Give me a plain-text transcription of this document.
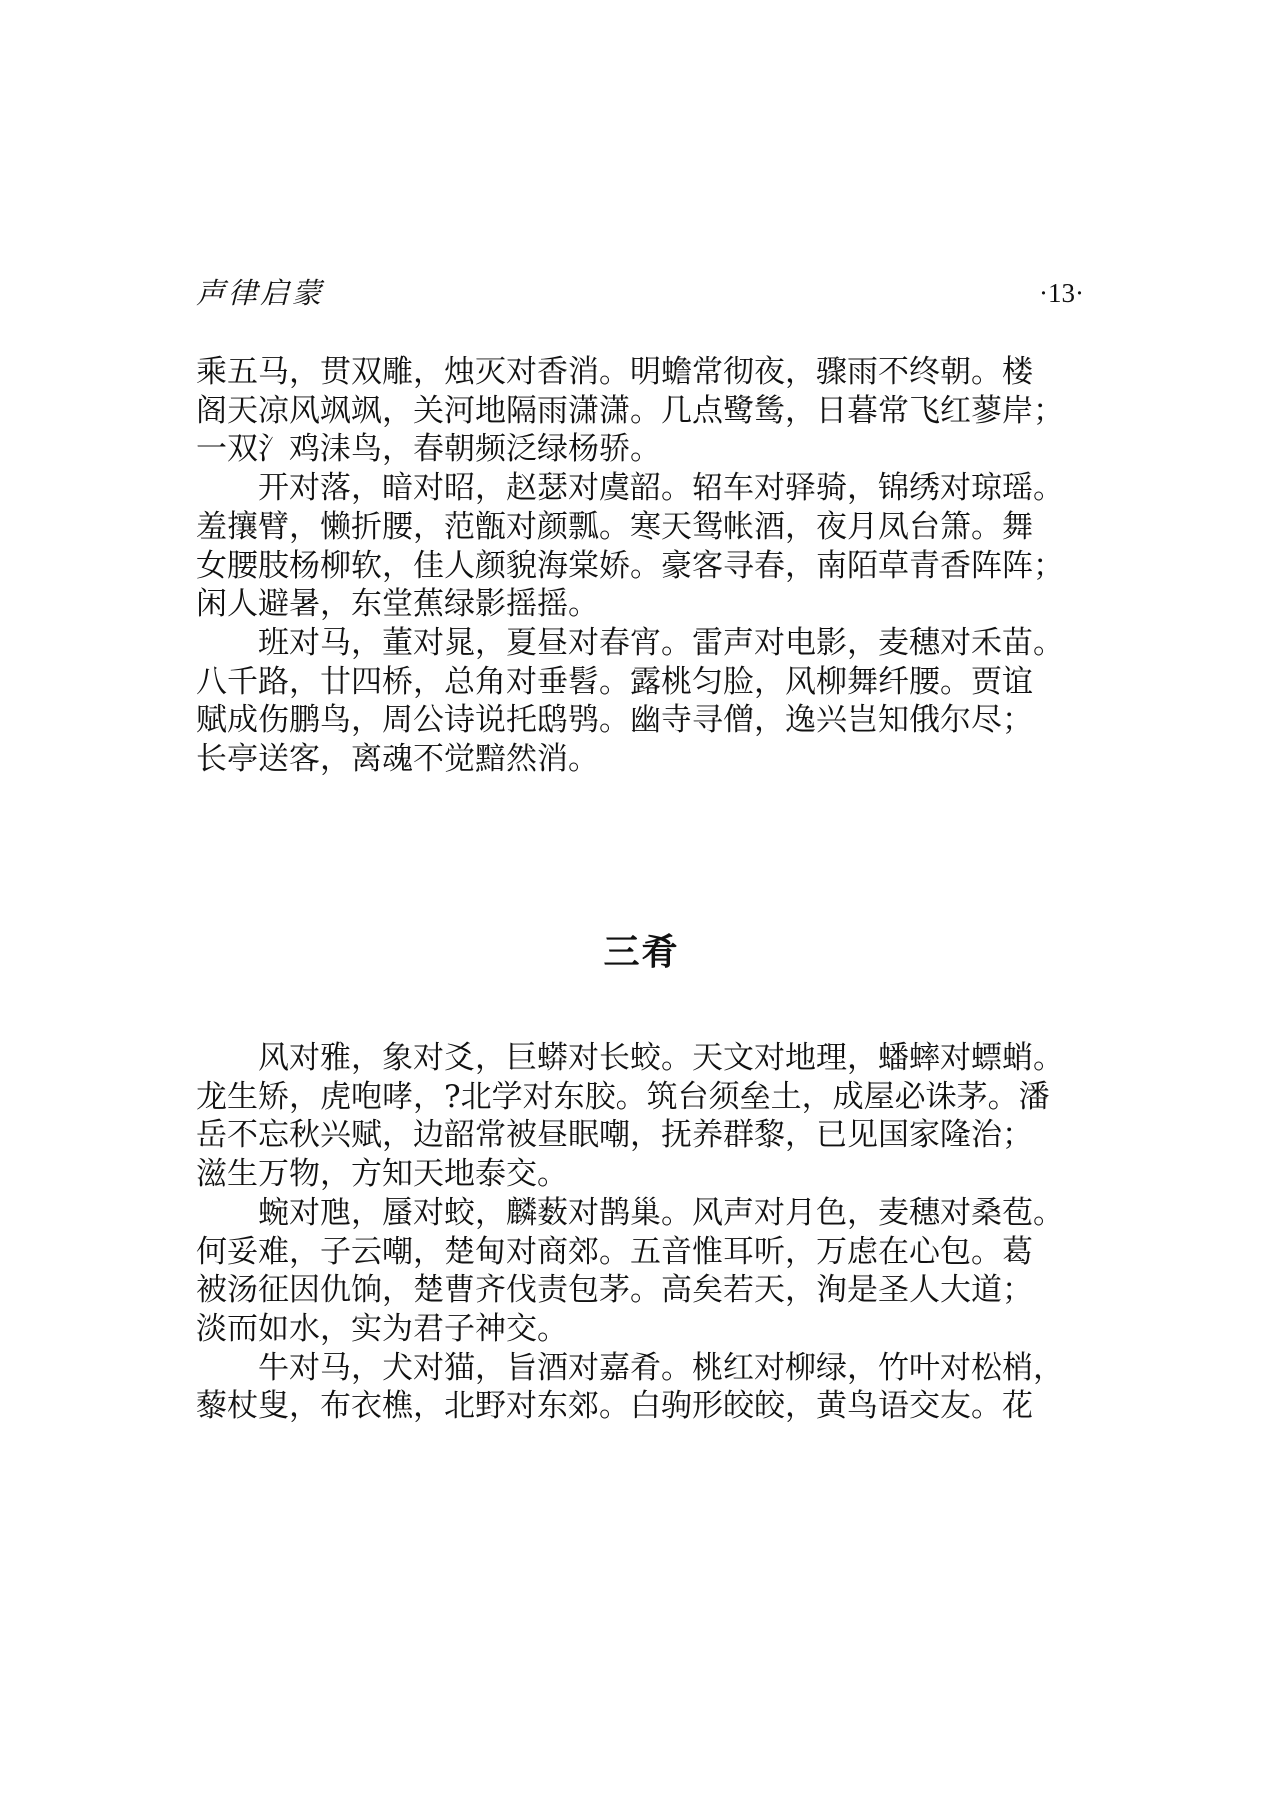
声律启蒙	·13·

乘五马，贯双雕，烛灭对香消。明蟾常彻夜，骤雨不终朝。楼
阁天凉风飒飒，关河地隔雨潇潇。几点鹭鸶，日暮常飞红蓼岸；
一双氵鸡洡鸟，春朝频泛绿杨骄。

开对落，暗对昭，赵瑟对虞韶。轺车对驿骑，锦绣对琼瑶。
羞攘臂，懒折腰，范甑对颜瓢。寒天鸳帐酒，夜月凤台箫。舞
女腰肢杨柳软，佳人颜貌海棠娇。豪客寻春，南陌草青香阵阵；
闲人避暑，东堂蕉绿影摇摇。

班对马，董对晁，夏昼对春宵。雷声对电影，麦穗对禾苗。
八千路，廿四桥，总角对垂髫。露桃匀脸，风柳舞纤腰。贾谊
赋成伤鹏鸟，周公诗说托鸱鸮。幽寺寻僧，逸兴岂知俄尔尽；
长亭送客，离魂不觉黯然消。

三肴

风对雅，象对爻，巨蟒对长蛟。天文对地理，蟠蟀对螵蛸。
龙生矫，虎咆哮，?北学对东胶。筑台须垒土，成屋必诛茅。潘
岳不忘秋兴赋，边韶常被昼眠嘲，抚养群黎，已见国家隆治；
滋生万物，方知天地泰交。

蜿对虺，蜃对蛟，麟薮对鹊巢。风声对月色，麦穗对桑苞。
何妥难，子云嘲，楚甸对商郊。五音惟耳听，万虑在心包。葛
被汤征因仇饷，楚曹齐伐责包茅。高矣若天，洵是圣人大道；
淡而如水，实为君子神交。

牛对马，犬对猫，旨酒对嘉肴。桃红对柳绿，竹叶对松梢，
藜杖叟，布衣樵，北野对东郊。白驹形皎皎，黄鸟语交友。花
